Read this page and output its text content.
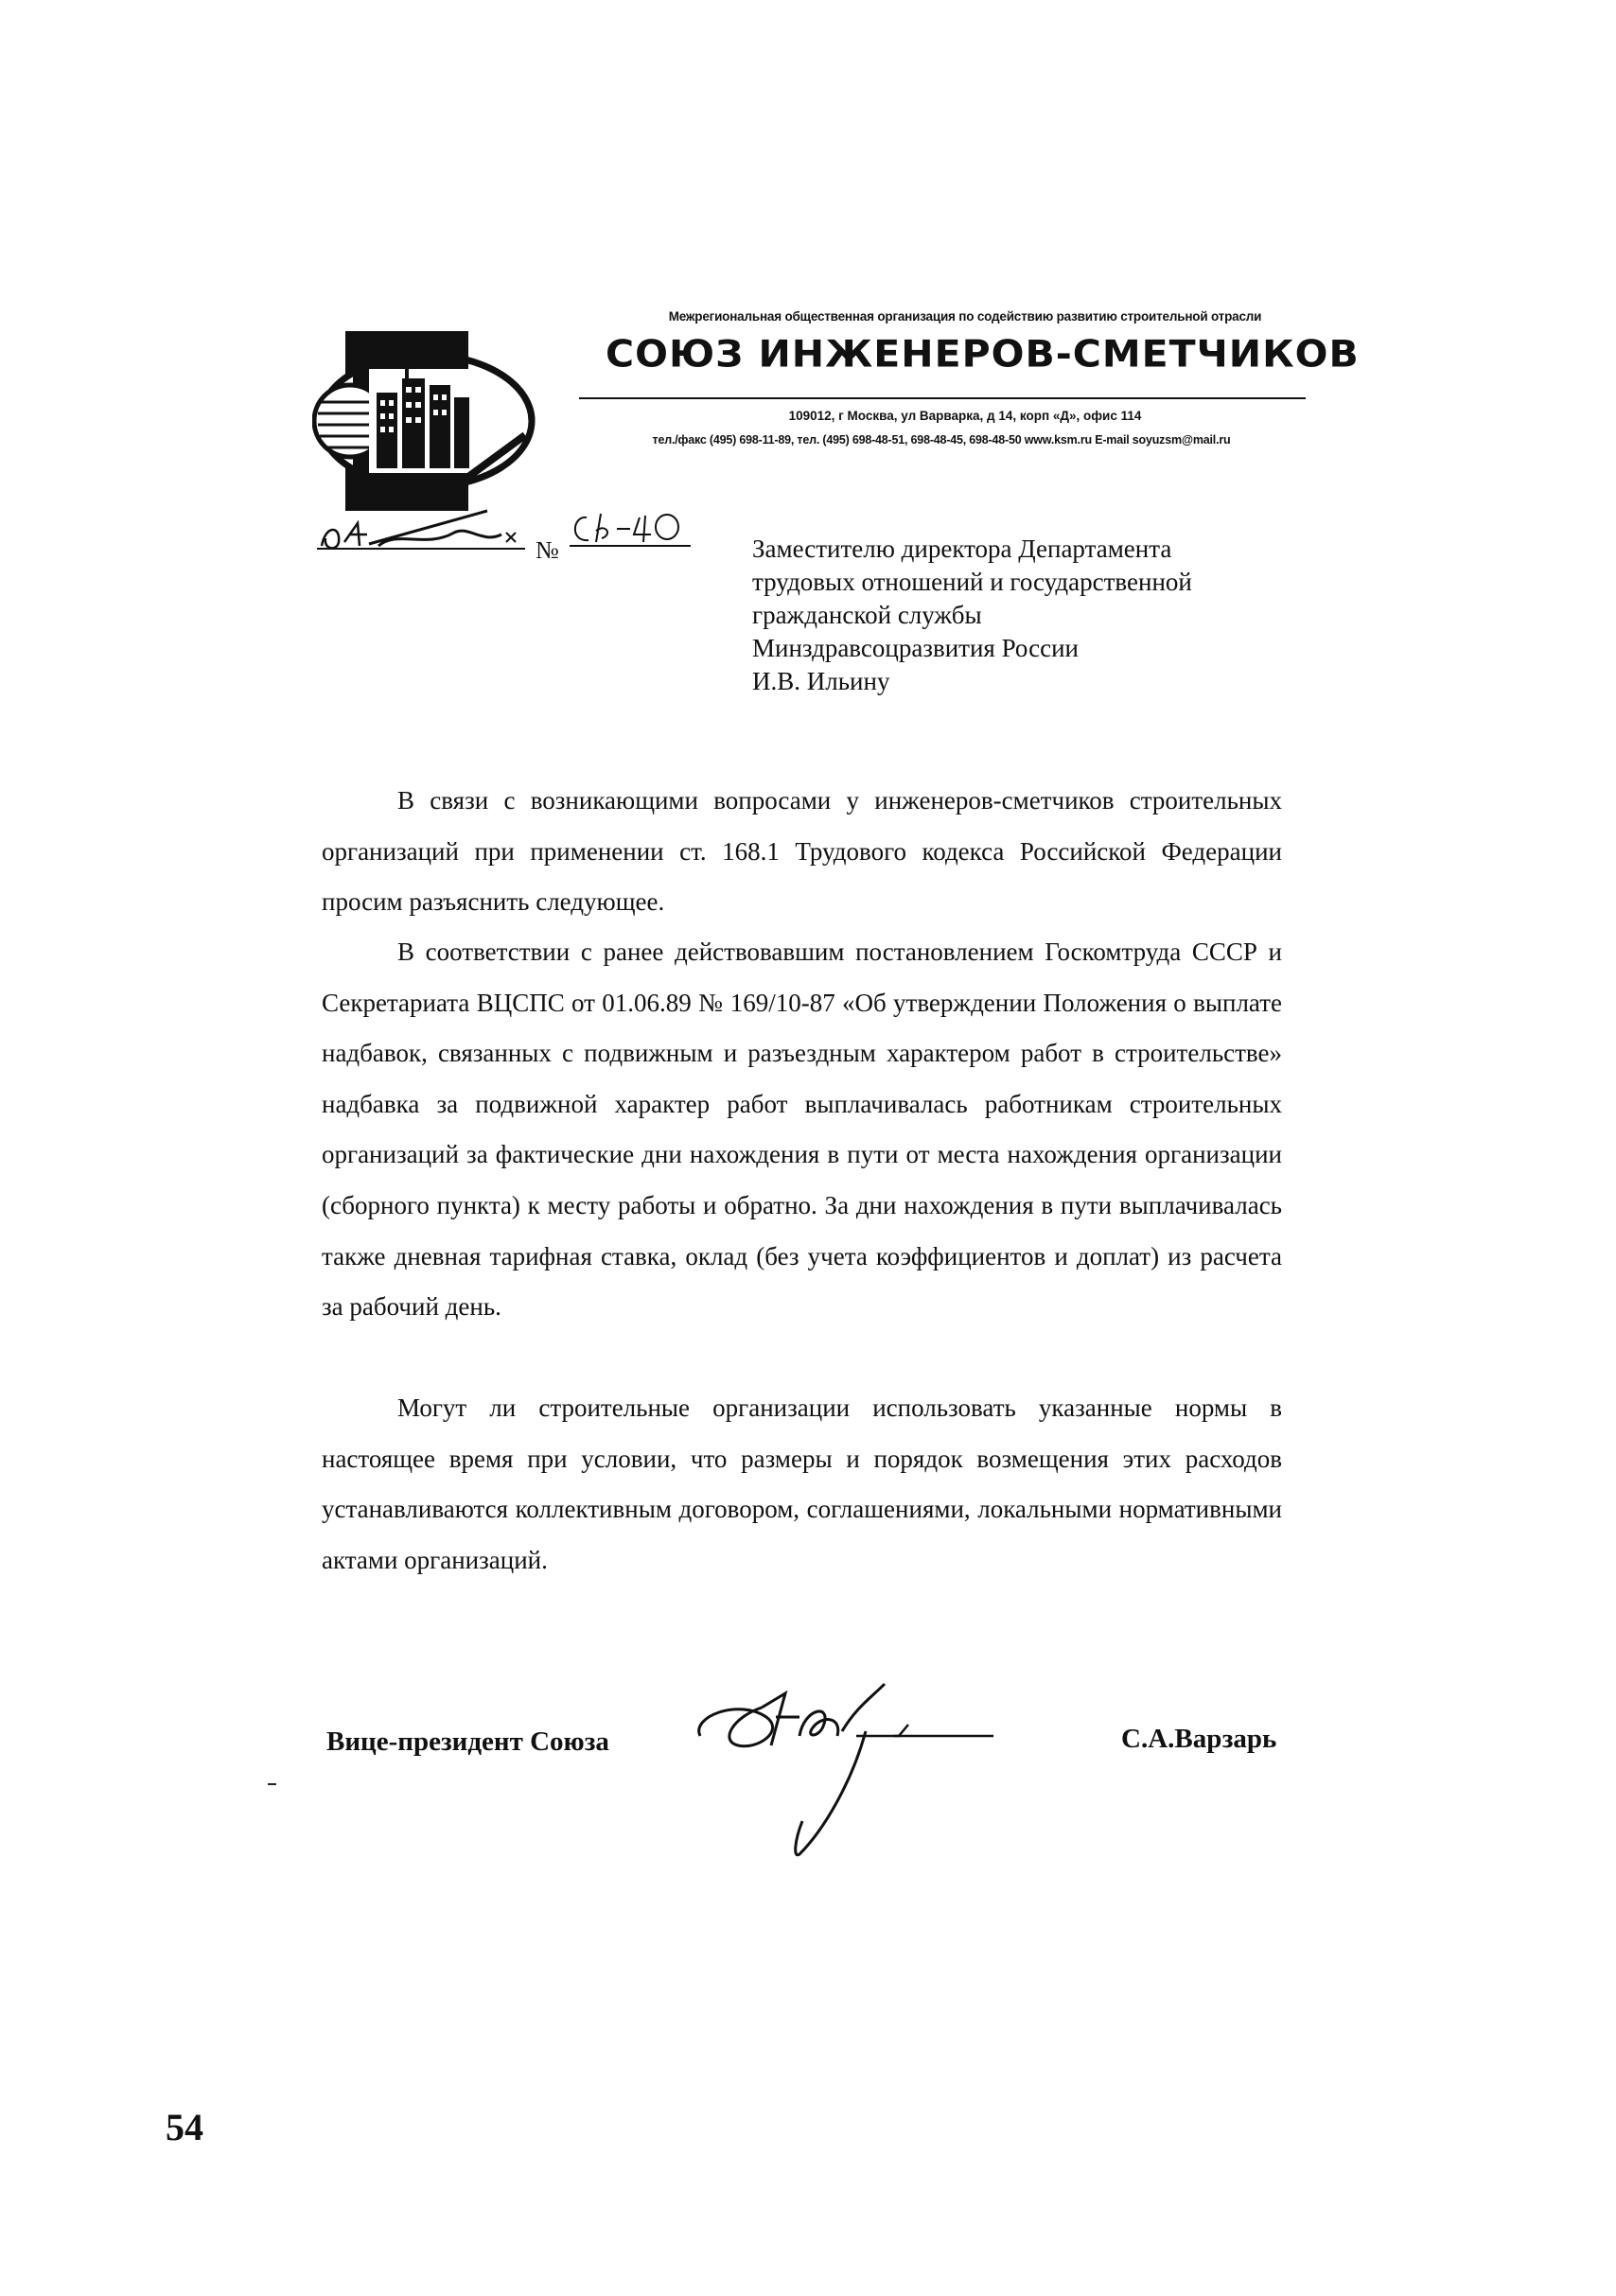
Межрегиональная общественная организация по содействию развитию строительной отрасли
СОЮЗ ИНЖЕНЕРОВ-СМЕТЧИКОВ
109012, г Москва, ул Варварка, д 14, корп «Д», офис 114
тел./факс (495) 698-11-89, тел. (495) 698-48-51, 698-48-45, 698-48-50 www.ksm.ru E-mail soyuzsm@mail.ru
№	Заместителю директора Департамента
трудовых отношений и государственной
гражданской службы
Минздравсоцразвития России
И.В. Ильину

В связи с возникающими вопросами у инженеров-сметчиков строительных организаций при применении ст. 168.1 Трудового кодекса Российской Федерации просим разъяснить следующее.

В соответствии с ранее действовавшим постановлением Госкомтруда СССР и Секретариата ВЦСПС от 01.06.89 № 169/10-87 «Об утверждении Положения о выплате надбавок, связанных с подвижным и разъездным характером работ в строительстве» надбавка за подвижной характер работ выплачивалась работникам строительных организаций за фактические дни нахождения в пути от места нахождения организации (сборного пункта) к месту работы и обратно. За дни нахождения в пути выплачивалась также дневная тарифная ставка, оклад (без учета коэффициентов и доплат) из расчета за рабочий день.

Могут ли строительные организации использовать указанные нормы в настоящее время при условии, что размеры и порядок возмещения этих расходов устанавливаются коллективным договором, соглашениями, локальными нормативными актами организаций.

Вице-президент Союза	С.А.Варзарь
54
